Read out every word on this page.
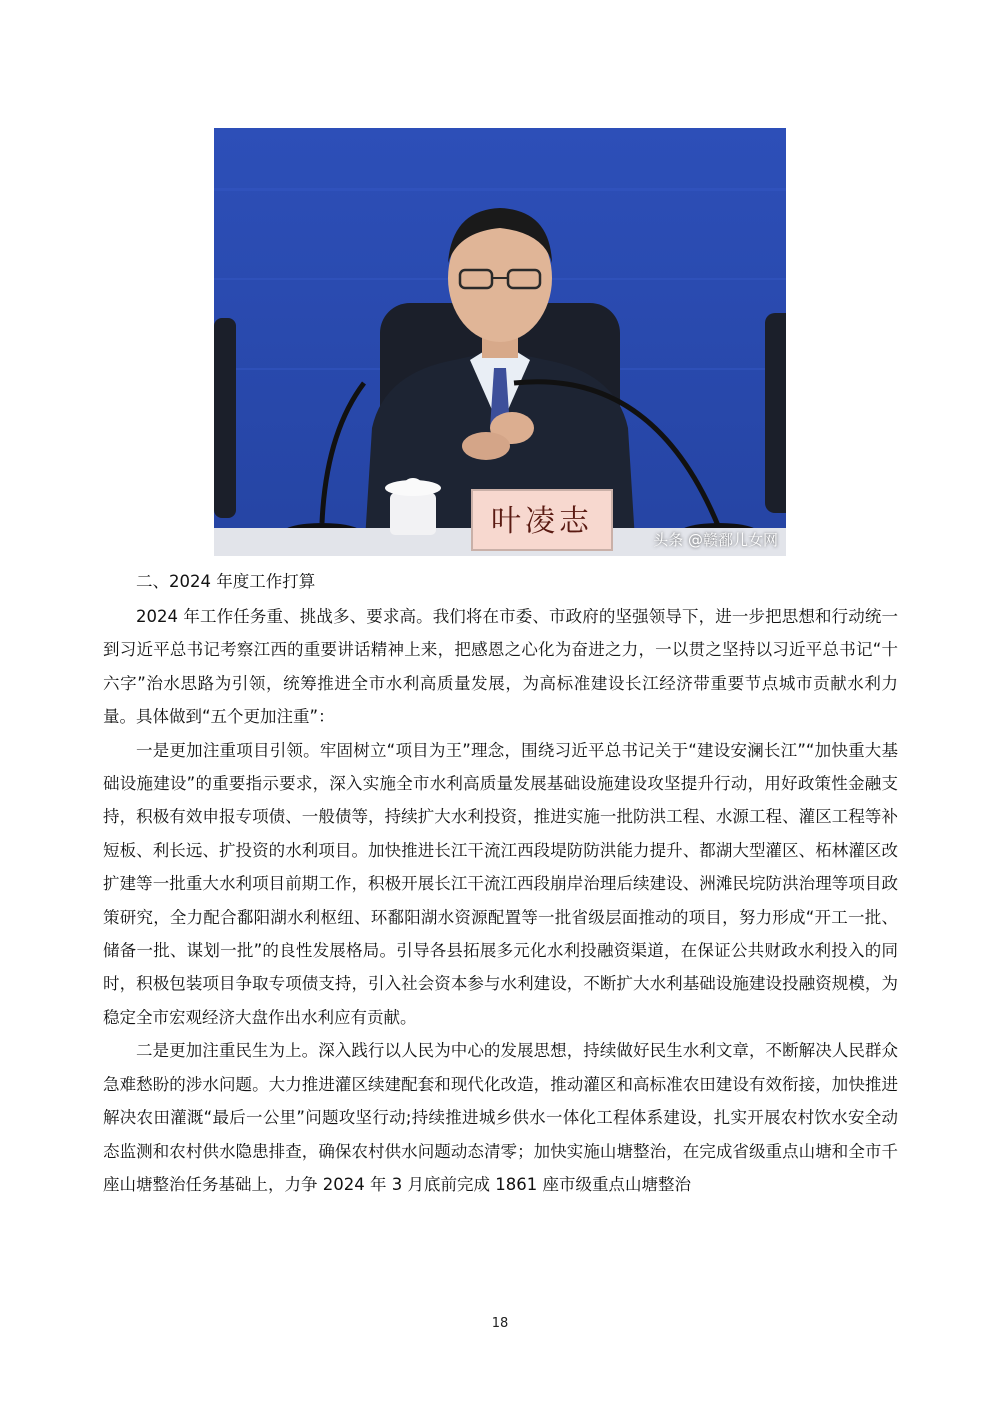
叶凌志
头条 @赣鄱儿女网

二、2024 年度工作打算

2024 年工作任务重、挑战多、要求高。我们将在市委、市政府的坚强领导下，进一步把思想和行动统一到习近平总书记考察江西的重要讲话精神上来，把感恩之心化为奋进之力，一以贯之坚持以习近平总书记“十六字”治水思路为引领，统筹推进全市水利高质量发展，为高标准建设长江经济带重要节点城市贡献水利力量。具体做到“五个更加注重”：

一是更加注重项目引领。牢固树立“项目为王”理念，围绕习近平总书记关于“建设安澜长江”“加快重大基础设施建设”的重要指示要求，深入实施全市水利高质量发展基础设施建设攻坚提升行动，用好政策性金融支持，积极有效申报专项债、一般债等，持续扩大水利投资，推进实施一批防洪工程、水源工程、灌区工程等补短板、利长远、扩投资的水利项目。加快推进长江干流江西段堤防防洪能力提升、都湖大型灌区、柘林灌区改扩建等一批重大水利项目前期工作，积极开展长江干流江西段崩岸治理后续建设、洲滩民垸防洪治理等项目政策研究，全力配合鄱阳湖水利枢纽、环鄱阳湖水资源配置等一批省级层面推动的项目，努力形成“开工一批、储备一批、谋划一批”的良性发展格局。引导各县拓展多元化水利投融资渠道，在保证公共财政水利投入的同时，积极包装项目争取专项债支持，引入社会资本参与水利建设，不断扩大水利基础设施建设投融资规模，为稳定全市宏观经济大盘作出水利应有贡献。

二是更加注重民生为上。深入践行以人民为中心的发展思想，持续做好民生水利文章，不断解决人民群众急难愁盼的涉水问题。大力推进灌区续建配套和现代化改造，推动灌区和高标准农田建设有效衔接，加快推进解决农田灌溉“最后一公里”问题攻坚行动;持续推进城乡供水一体化工程体系建设，扎实开展农村饮水安全动态监测和农村供水隐患排查，确保农村供水问题动态清零；加快实施山塘整治，在完成省级重点山塘和全市千座山塘整治任务基础上，力争 2024 年 3 月底前完成 1861 座市级重点山塘整治

18
